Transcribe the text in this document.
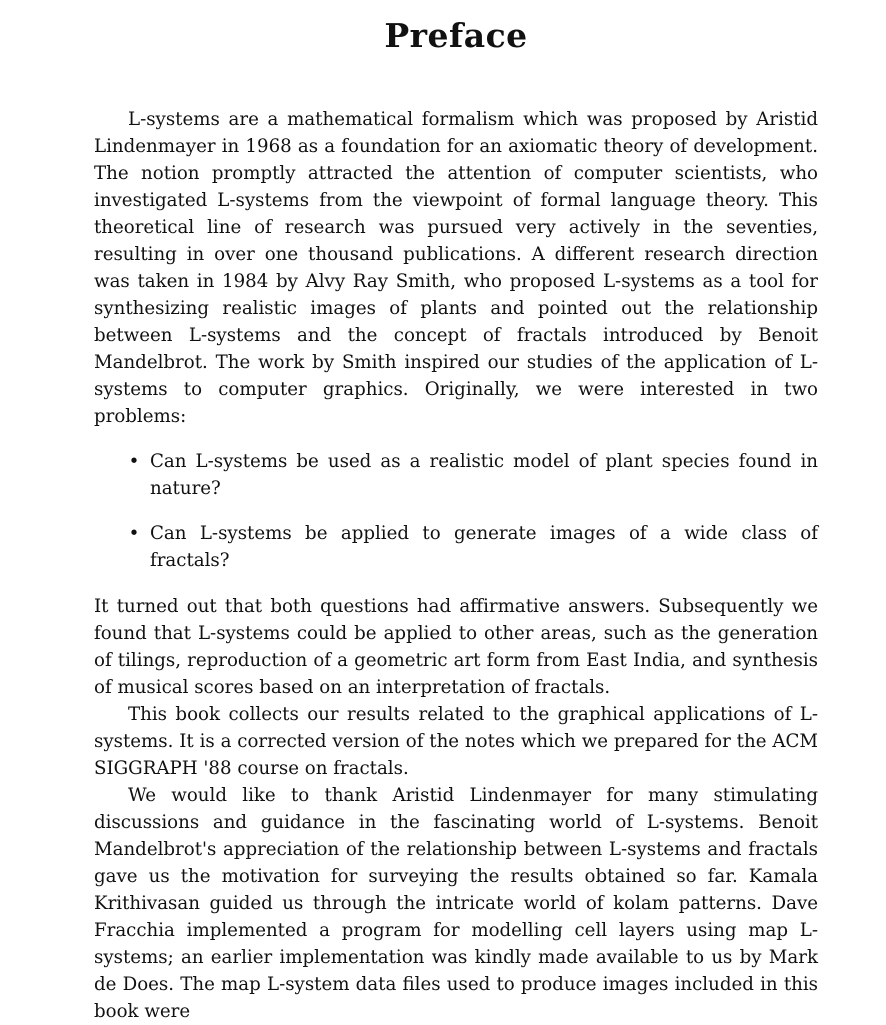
Preface

L-systems are a mathematical formalism which was proposed by Aristid Lindenmayer in 1968 as a foundation for an axiomatic theory of development. The notion promptly attracted the attention of computer scientists, who investigated L-systems from the viewpoint of formal language theory. This theoretical line of research was pursued very actively in the seventies, resulting in over one thousand publications. A different research direction was taken in 1984 by Alvy Ray Smith, who proposed L-systems as a tool for synthesizing realistic images of plants and pointed out the relationship between L-systems and the concept of fractals introduced by Benoit Mandelbrot. The work by Smith inspired our studies of the application of L-systems to computer graphics. Originally, we were interested in two problems:

• Can L-systems be used as a realistic model of plant species found in nature?
• Can L-systems be applied to generate images of a wide class of fractals?

It turned out that both questions had affirmative answers. Subsequently we found that L-systems could be applied to other areas, such as the generation of tilings, reproduction of a geometric art form from East India, and synthesis of musical scores based on an interpretation of fractals.

This book collects our results related to the graphical applications of L-systems. It is a corrected version of the notes which we prepared for the ACM SIGGRAPH '88 course on fractals.

We would like to thank Aristid Lindenmayer for many stimulating discussions and guidance in the fascinating world of L-systems. Benoit Mandelbrot's appreciation of the relationship between L-systems and fractals gave us the motivation for surveying the results obtained so far. Kamala Krithivasan guided us through the intricate world of kolam patterns. Dave Fracchia implemented a program for modelling cell layers using map L-systems; an earlier implementation was kindly made available to us by Mark de Does. The map L-system data files used to produce images included in this book were
